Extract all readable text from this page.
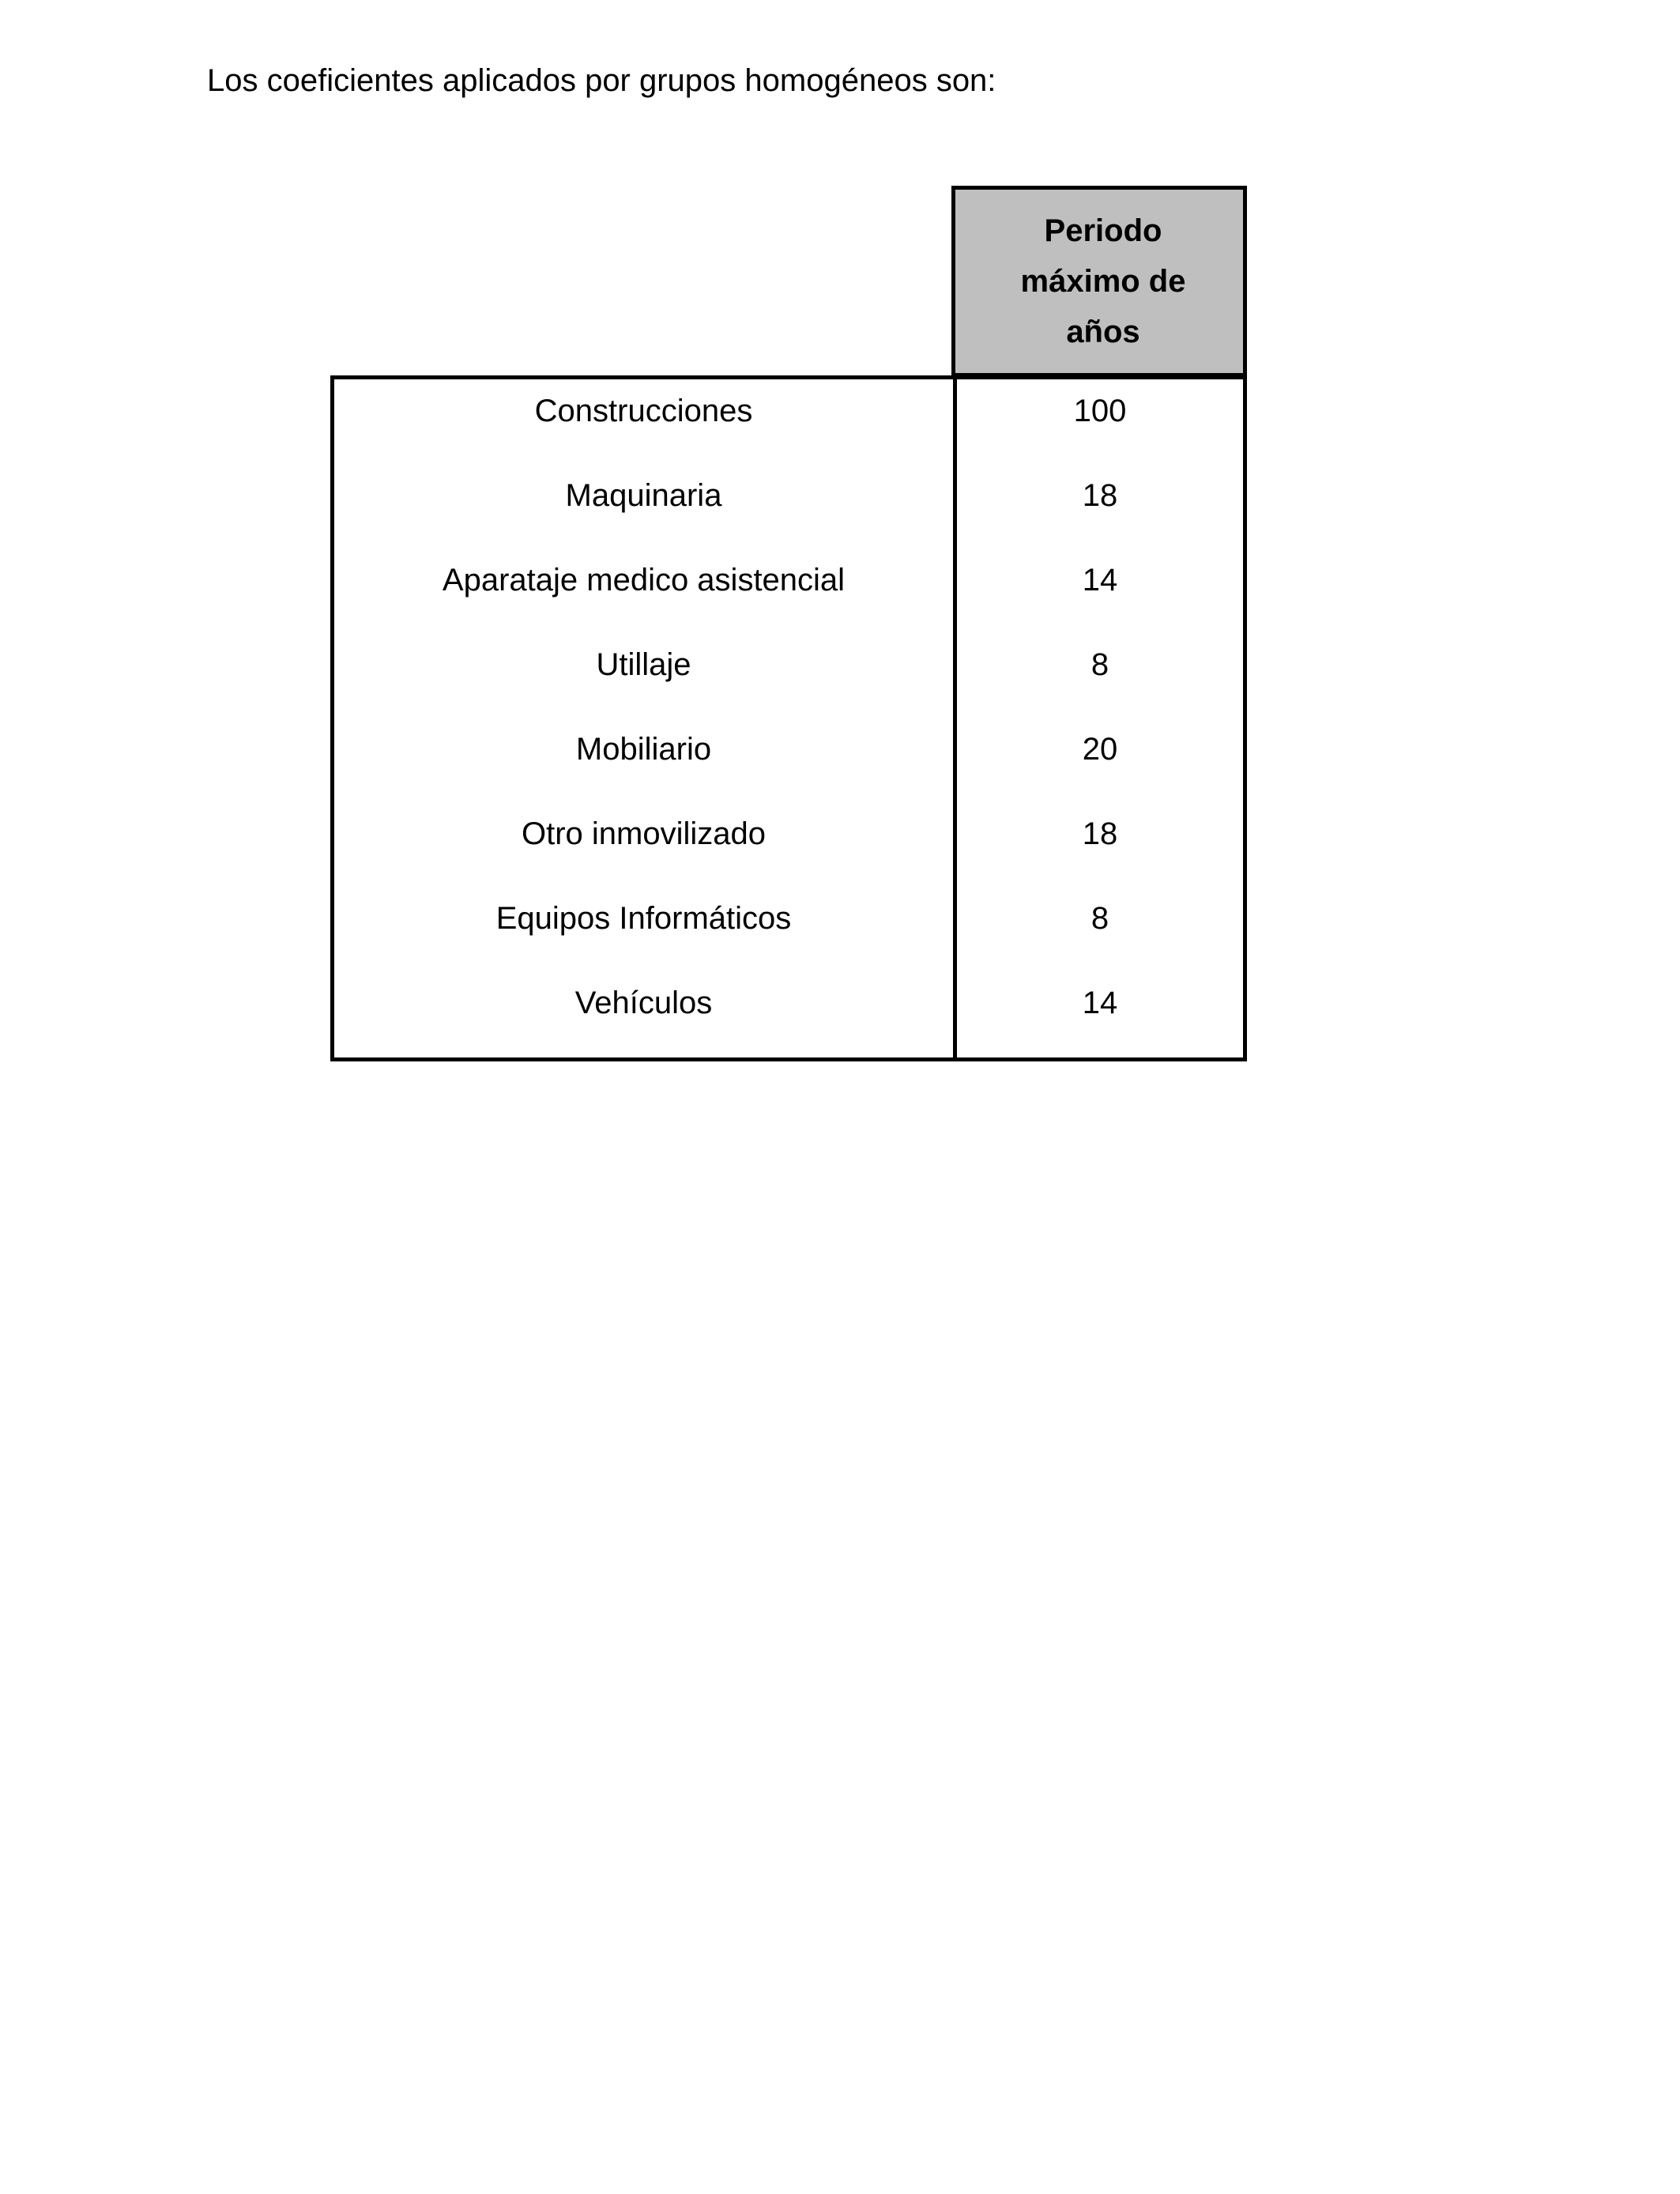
Los coeficientes aplicados por grupos homogéneos son:
Periodo máximo de años
Construcciones	100
Maquinaria	18
Aparataje medico asistencial	14
Utillaje	8
Mobiliario	20
Otro inmovilizado	18
Equipos Informáticos	8
Vehículos	14
